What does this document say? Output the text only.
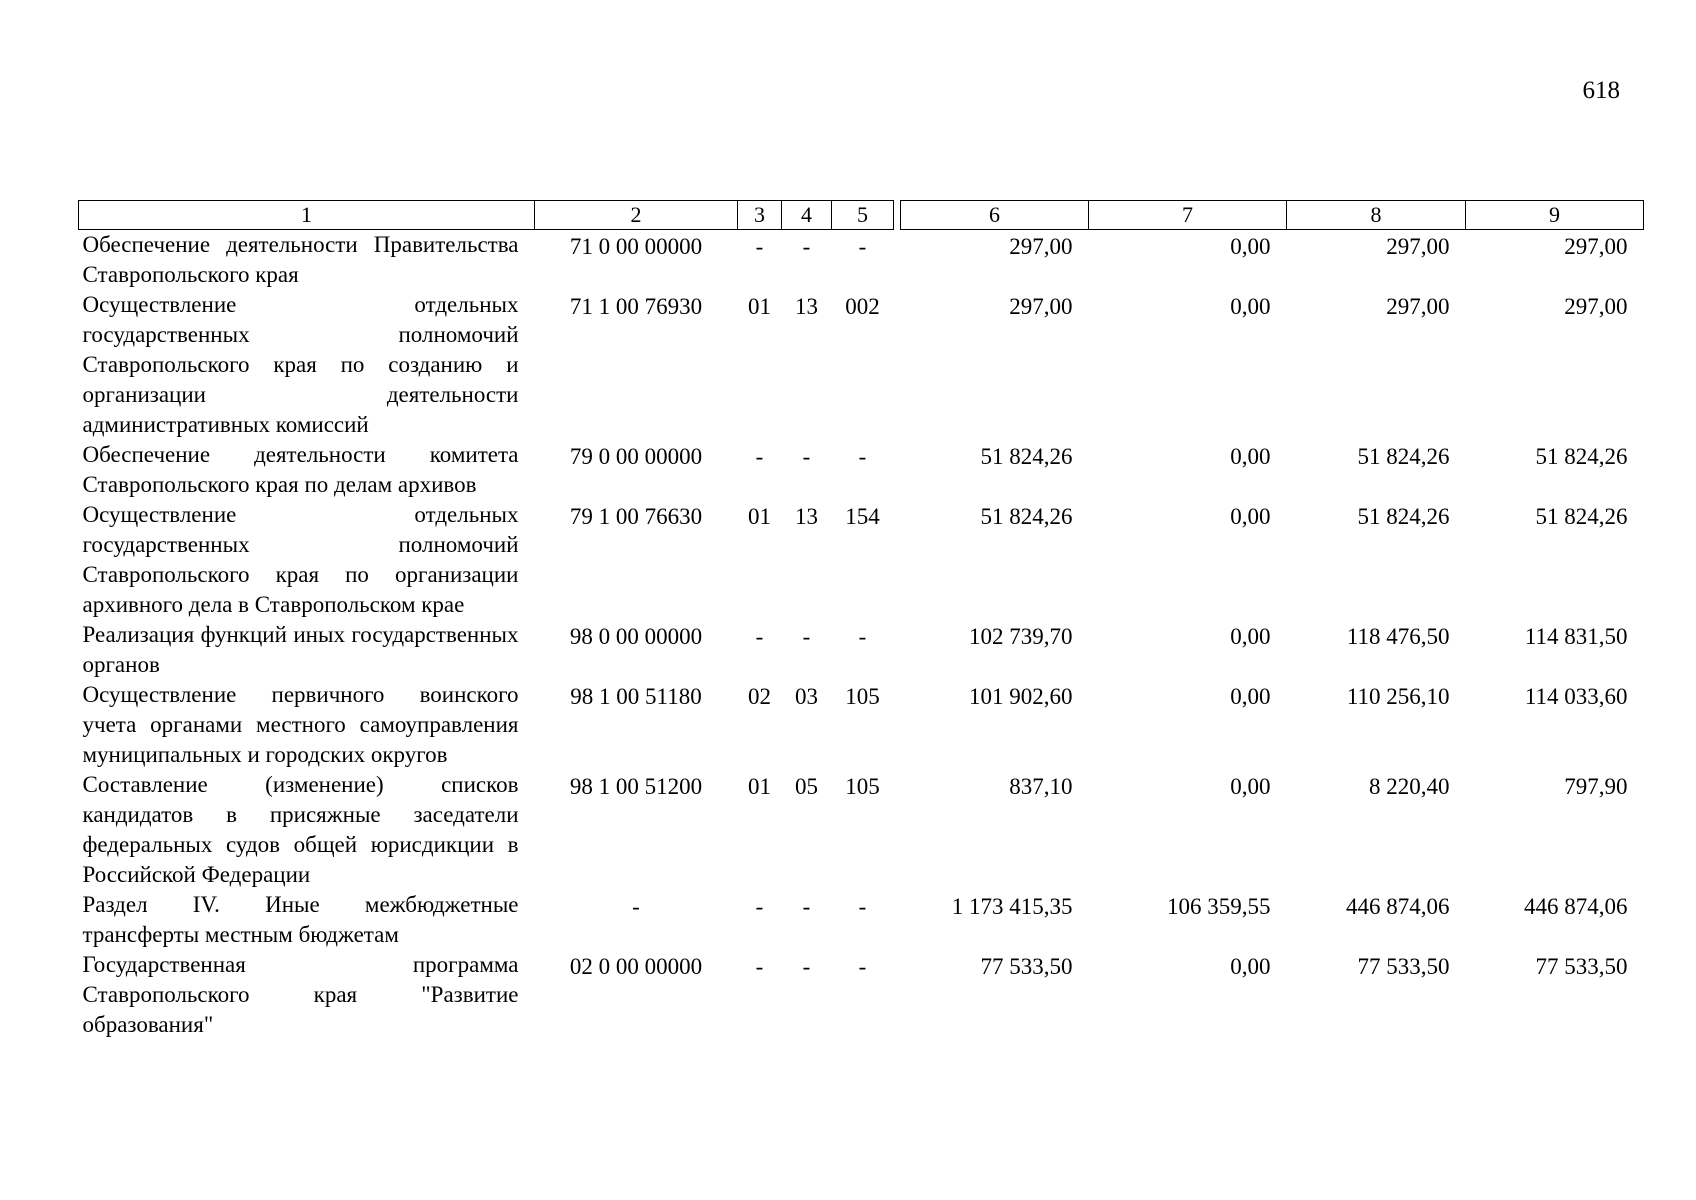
618
1	2	3	4	5		6	7	8	9
Обеспечение деятельности Правительства Ставропольского края	71 0 00 00000	-	-	-		297,00	0,00	297,00	297,00
Осуществление отдельных государственных полномочий Ставропольского края по созданию и организации деятельности административных комиссий	71 1 00 76930	01	13	002		297,00	0,00	297,00	297,00
Обеспечение деятельности комитета Ставропольского края по делам архивов	79 0 00 00000	-	-	-		51 824,26	0,00	51 824,26	51 824,26
Осуществление отдельных государственных полномочий Ставропольского края по организации архивного дела в Ставропольском крае	79 1 00 76630	01	13	154		51 824,26	0,00	51 824,26	51 824,26
Реализация функций иных государственных органов	98 0 00 00000	-	-	-		102 739,70	0,00	118 476,50	114 831,50
Осуществление первичного воинского учета органами местного самоуправления муниципальных и городских округов	98 1 00 51180	02	03	105		101 902,60	0,00	110 256,10	114 033,60
Составление (изменение) списков кандидатов в присяжные заседатели федеральных судов общей юрисдикции в Российской Федерации	98 1 00 51200	01	05	105		837,10	0,00	8 220,40	797,90
Раздел IV. Иные межбюджетные трансферты местным бюджетам	-	-	-	-		1 173 415,35	106 359,55	446 874,06	446 874,06
Государственная программа Ставропольского края "Развитие образования"	02 0 00 00000	-	-	-		77 533,50	0,00	77 533,50	77 533,50
